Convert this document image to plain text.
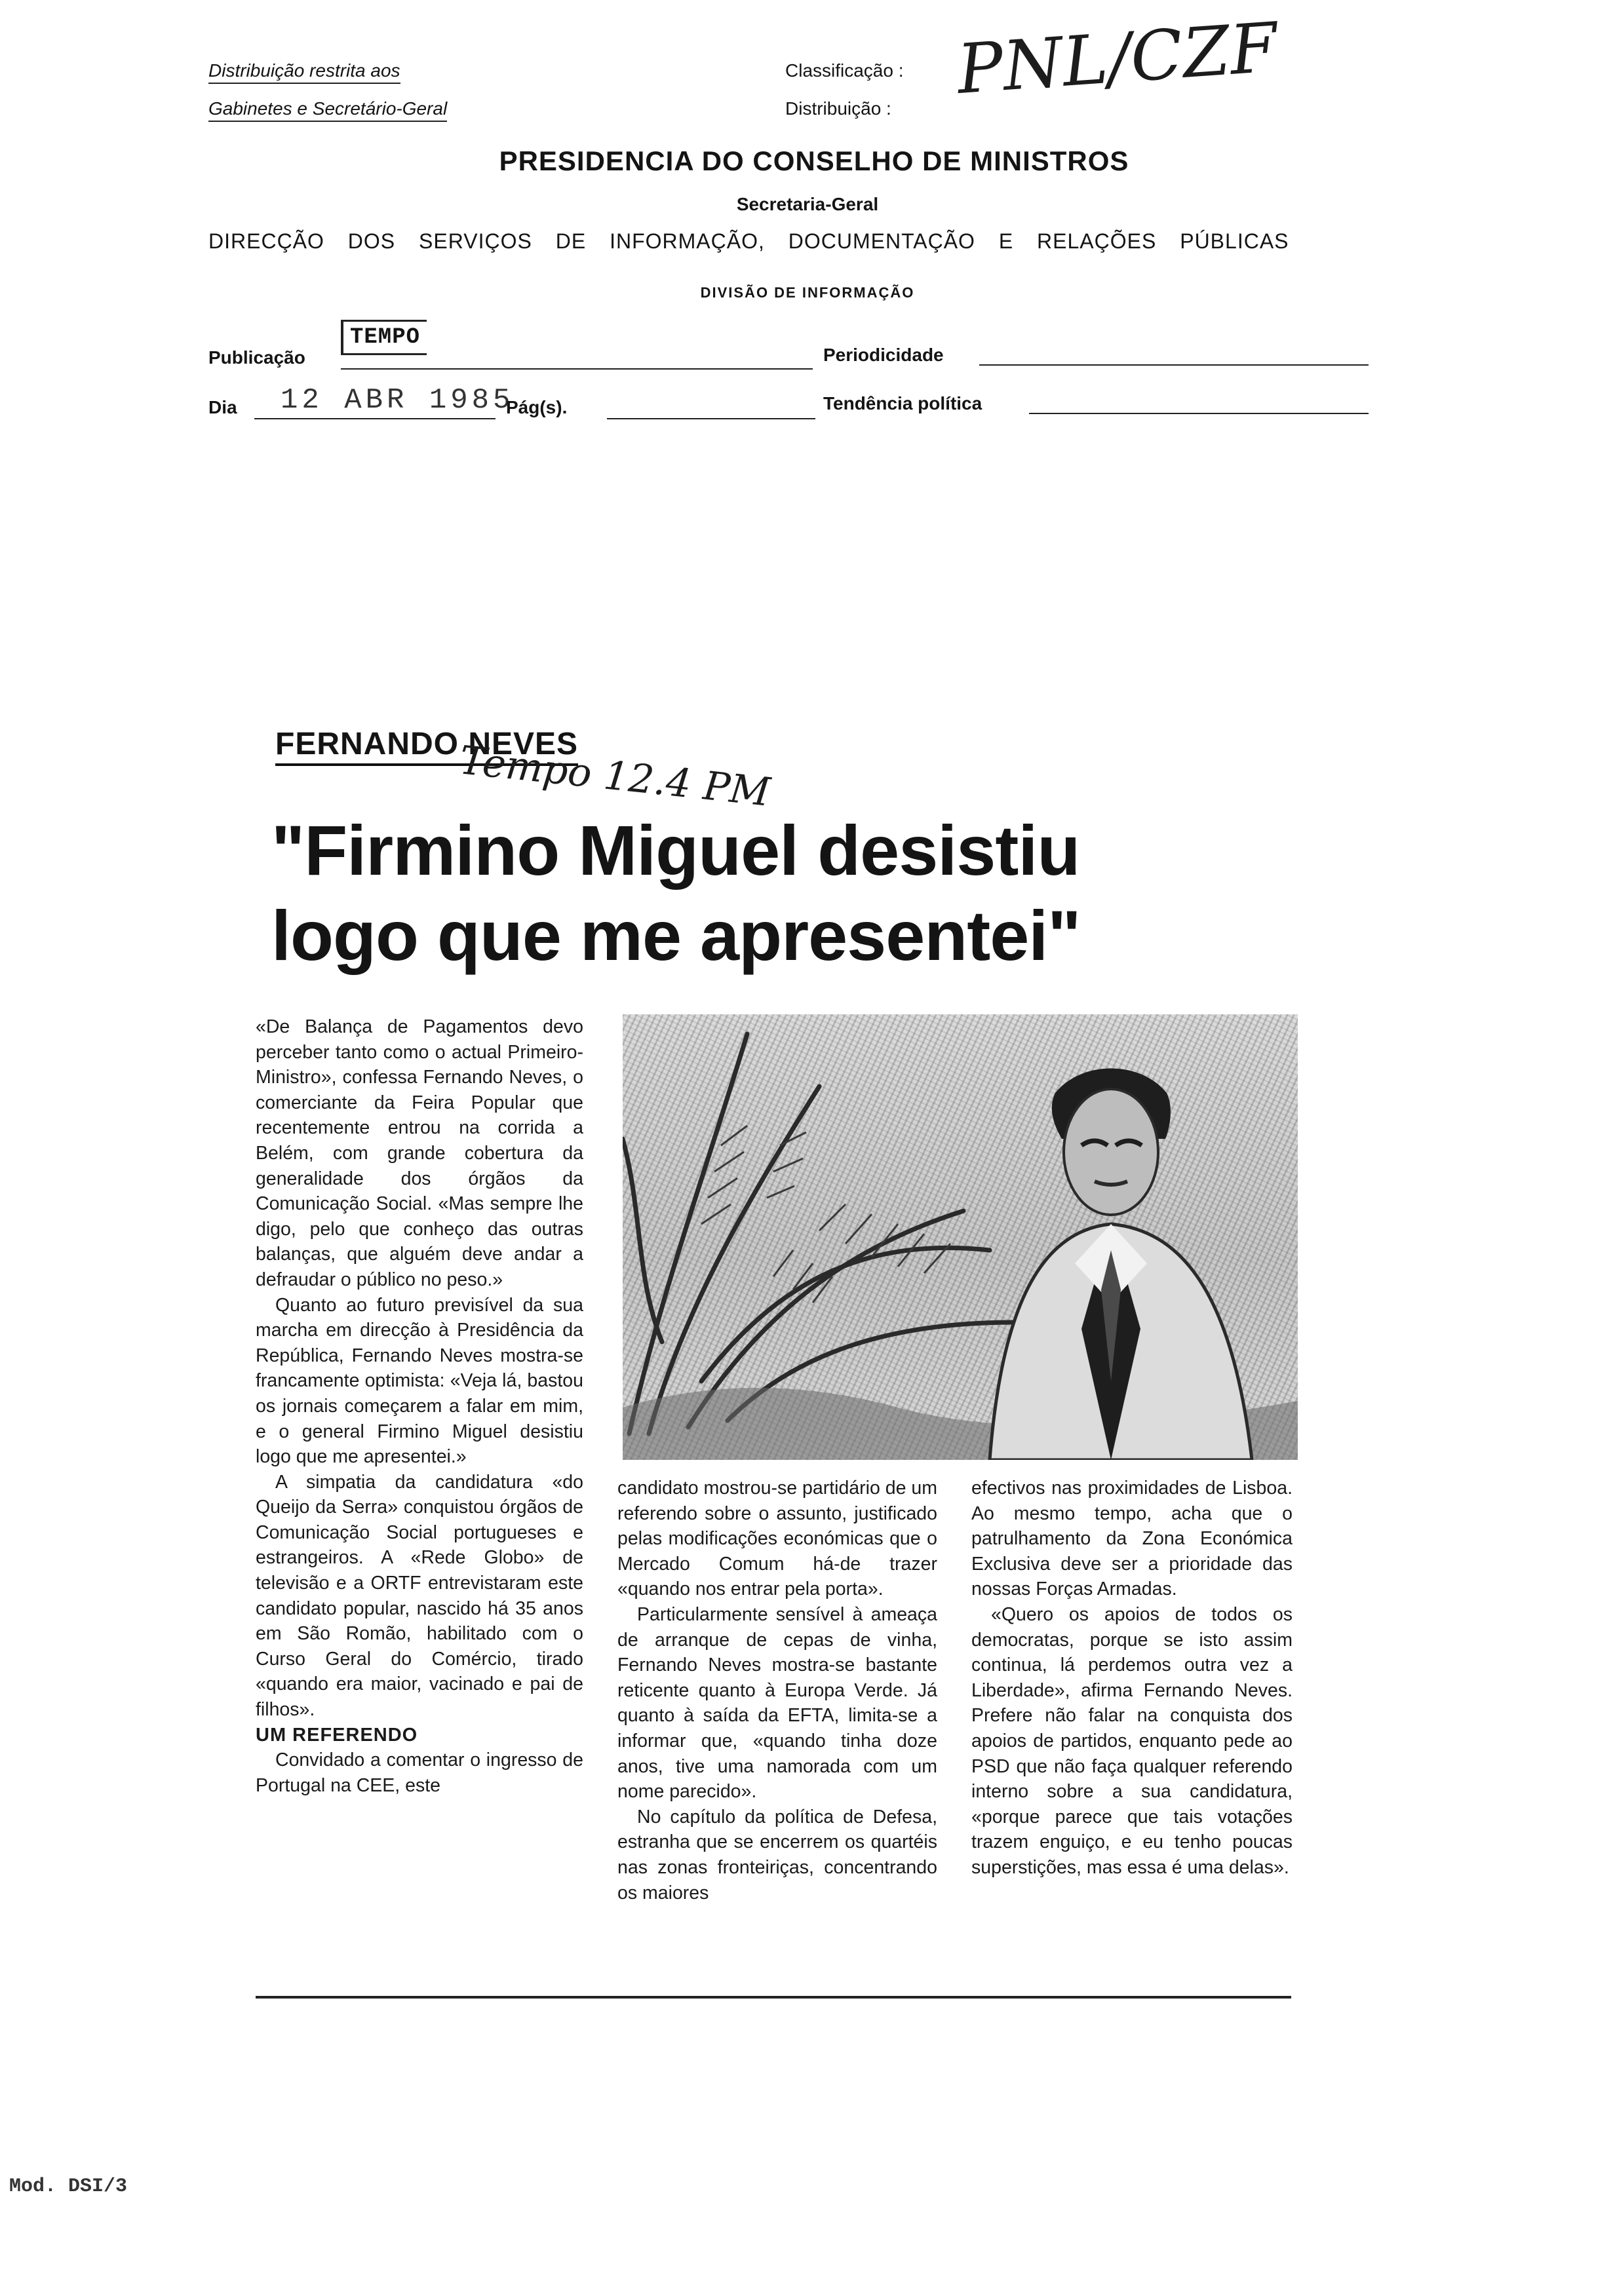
Distribuição restrita aos
Gabinetes e Secretário-Geral
Classificação :
Distribuição : PNL/CZF
PRESIDENCIA DO CONSELHO DE MINISTROS
Secretaria-Geral
DIRECÇÃO DOS SERVIÇOS DE INFORMAÇÃO, DOCUMENTAÇÃO E RELAÇÕES PÚBLICAS
DIVISÃO DE INFORMAÇÃO
Publicação
TEMPO
Periodicidade
Dia 12 ABR 1985
Pág(s).	Tendência política
FERNANDO NEVES
Tempo 12.4 PM
"Firmino Miguel desistiu
logo que me apresentei"

«De Balança de Pagamentos devo perceber tanto como o actual Primeiro-Ministro», confessa Fernando Neves, o comerciante da Feira Popular que recentemente entrou na corrida a Belém, com grande cobertura da generalidade dos órgãos da Comunicação Social. «Mas sempre lhe digo, pelo que conheço das outras balanças, que alguém deve andar a defraudar o público no peso.»

Quanto ao futuro previsível da sua marcha em direcção à Presidência da República, Fernando Neves mostra-se francamente optimista: «Veja lá, bastou os jornais começarem a falar em mim, e o general Firmino Miguel desistiu logo que me apresentei.»

A simpatia da candidatura «do Queijo da Serra» conquistou órgãos de Comunicação Social portugueses e estrangeiros. A «Rede Globo» de televisão e a ORTF entrevistaram este candidato popular, nascido há 35 anos em São Romão, habilitado com o Curso Geral do Comércio, tirado «quando era maior, vacinado e pai de filhos».

UM REFERENDO

Convidado a comentar o ingresso de Portugal na CEE, este

candidato mostrou-se partidário de um referendo sobre o assunto, justificado pelas modificações económicas que o Mercado Comum há-de trazer «quando nos entrar pela porta».

Particularmente sensível à ameaça de arranque de cepas de vinha, Fernando Neves mostra-se bastante reticente quanto à Europa Verde. Já quanto à saída da EFTA, limita-se a informar que, «quando tinha doze anos, tive uma namorada com um nome parecido».

No capítulo da política de Defesa, estranha que se encerrem os quartéis nas zonas fronteiriças, concentrando os maiores

efectivos nas proximidades de Lisboa. Ao mesmo tempo, acha que o patrulhamento da Zona Económica Exclusiva deve ser a prioridade das nossas Forças Armadas.

«Quero os apoios de todos os democratas, porque se isto assim continua, lá perdemos outra vez a Liberdade», afirma Fernando Neves. Prefere não falar na conquista dos apoios de partidos, enquanto pede ao PSD que não faça qualquer referendo interno sobre a sua candidatura, «porque parece que tais votações trazem enguiço, e eu tenho poucas superstições, mas essa é uma delas».

Mod. DSI/3
